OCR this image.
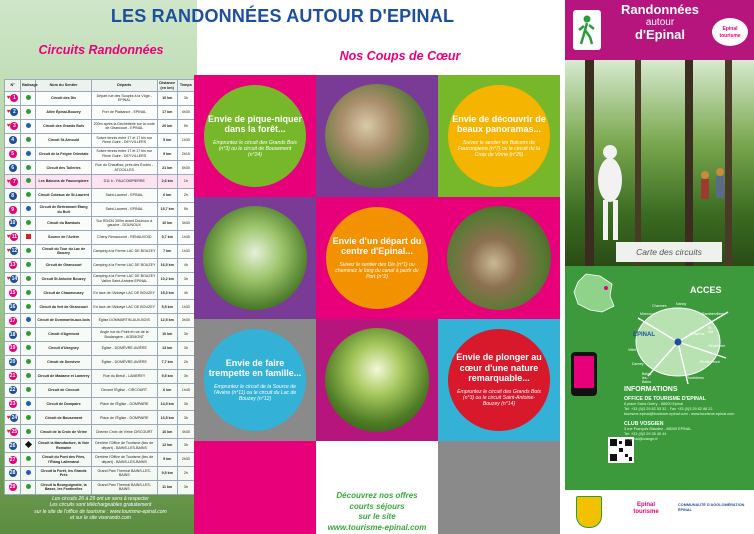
LES RANDONNÉES AUTOUR D'EPINAL
Circuits Randonnées	Nos Coups de Cœur
N°	Balisage	Nom du Sentier	Départs	Distance (en km)	Temps
♥ 1		Circuit des Dix	Départ rue des Soupirs à la Vôge - EPINAL	10 km	3h
♥ 2		Allée Épinal-Bouzey	Port de Plaisance - EPINAL	17 km	4h30
♥ 3		Circuit des Grands Bois	200m après la Déchetterie sur la route de Girancourt - EPINAL	20 km	5h
4		Circuit St-Arnould	Suivre tennis entre 17 et 17 bis rue René Guire - DEYVILLERS	5 km	1h30
5		Circuit de la Feigne Orientale	Suivre tennis entre 17 et 17 bis rue René Guire - DEYVILLERS	9 km	2h15
6		Circuit des Tuileries	Rue du Chauffour, près des Écoles - ATOCILLES	21 km	5h30
♥ 7		Les Balcons de Fauconpierre	D11 b - FAUCOMPIERRE	2,6 km	1h
8		Circuit Coteaux de St-Laurent	Saint-Laurent - EPINAL	6 km	2h
9		Circuit de Bertramont Étang du Bult	Saint-Laurent - EPINAL	15,7 km	5h
10		Circuit du Bambois	Sur RD434 300m avant Dounoux à gauche - DOUNOUX	10 km	3h30
♥11		Source de l'Avière	Chény Renaucourt - RENAUVOID	5,7 km	1h45
♥12		Circuit du Tour du Lac de Bouzey	Camping à la Ferme LAC DE BOUZEY	7 km	1h30
13		Circuit de Girancourt	Camping à la Ferme LAC DE BOUZEY	16,5 km	4h
♥14		Circuit St Antoine Bouzey	Camping à la Ferme LAC DE BOUZEY Vallon Saint-Antoine EPINAL	10,2 km	3h
15		Circuit de Chaumousey	En face de l'Abbaye LAC DE BOUZEY	15,3 km	4h
16		Circuit du fort de Girancourt	En face de l'Abbaye LAC DE BOUZEY	5,5 km	1h30
17		Circuit de Dommartin-aux-bois	Église DOMMARTIN-AUX-BOIS	12,5 km	3h30
18		Circuit d'Agemont	Angle rue du Point et rue de la Boulangère - AGEMONT	10 km	3h
19		Circuit d'Uxegney	Église - DOMÈVRE-AVIÈRE	13 km	3h
20		Circuit de Domèvre	Église - DOMÈVRE-AVIÈRE	7,7 km	2h
21		Circuit de Madame et Lamerey	Rue du Breuil - LAMEREY	9,5 km	3h
22		Circuit de Circourt	Devant l'Église - CIRCOURT	6 km	1h45
23		Circuit de Dompaire	Place de l'Église - DOMPAIRE	14,5 km	3h
♥24		Circuit de Bousement	Place de l'Église - DOMPAIRE	13,5 km	3h
♥25		Circuit de la Croix de Virine	Chemin Croix de Virine CIRCOURT	16 km	4h30
26		Circuit la Manufacture, la Voie Romaine	Derrière l'Office de Tourisme (lieu de départ) - BAINS-LES-BAINS	12 km	3h
27		Circuit du Pont des Fées, l'Étang Lallemand	Derrière l'Office de Tourisme (lieu de départ) - BAINS-LES-BAINS	9 km	2h30
28		Circuit la Forêt, les Grands Prés	Grand Parc Thermal BAINS-LES-BAINS	9,5 km	2h
29		Circuit la Bourguignotte, la Basse, les Fontinelles	Grand Parc Thermal BAINS-LES-BAINS	11 km	3h
Les circuits 26 à 29 ont un sens à respecter
Les circuits sont téléchargeables gratuitement
sur le site de l'office de tourisme : www.tourisme-epinal.com
et sur le site visorando.com
Envie de pique-niquer dans la forêt...
Empruntez le circuit des Grands Bois (n°3) ou le circuit de Bousement (n°24)
Envie de découvrir de beaux panoramas...
Suivez le sentier les Balcons de Fauconpierre (n°7) ou le circuit de la Croix de Virine (n°25)
Envie d'un départ du centre d'Epinal...
Suivez le sentier des Dix (n°1) ou cheminez le long du canal à partir du Port (n°2)
Envie de faire trempette en famille...
Empruntez le circuit de la Source de l'Avière (n°11) ou le circuit du Lac de Bouzey (n°12)
Envie de plonger au cœur d'une nature remarquable...
Empruntez le circuit des Grands Bois (n°3) ou le circuit Saint-Antoine-Bouzey (n°14)
Découvrez nos offres
courts séjours
sur le site
www.tourisme-epinal.com
Randonnées
autour
d'Epinal	Epinal tourisme
Carte des circuits
ACCES
EPINAL
Nancy
Rambervillers
St-Dié
Gérardmer
Remiremont
Plombières
Bains-les-Bains
Darney
Vittel
Mirecourt
Charmes
Bruyères
INFORMATIONS
OFFICE DE TOURISME D'EPINAL
6 place Saint-Goëry - 88000 Epinal
Tel. +33 (0)3 29 82 53 32 - Fax +33 (0)3 29 82 88 22
tourisme.epinal@tourisme-epinal.com - www.tourisme-epinal.com
CLUB VOSGIEN
3 rue François Blaudez - 88000 EPINAL
Tel. +33 (0)3 29 35 45 44
cv.epinal@orange.fr
Epinal tourisme
COMMUNAUTÉ D'AGGLOMÉRATION ÉPINAL
